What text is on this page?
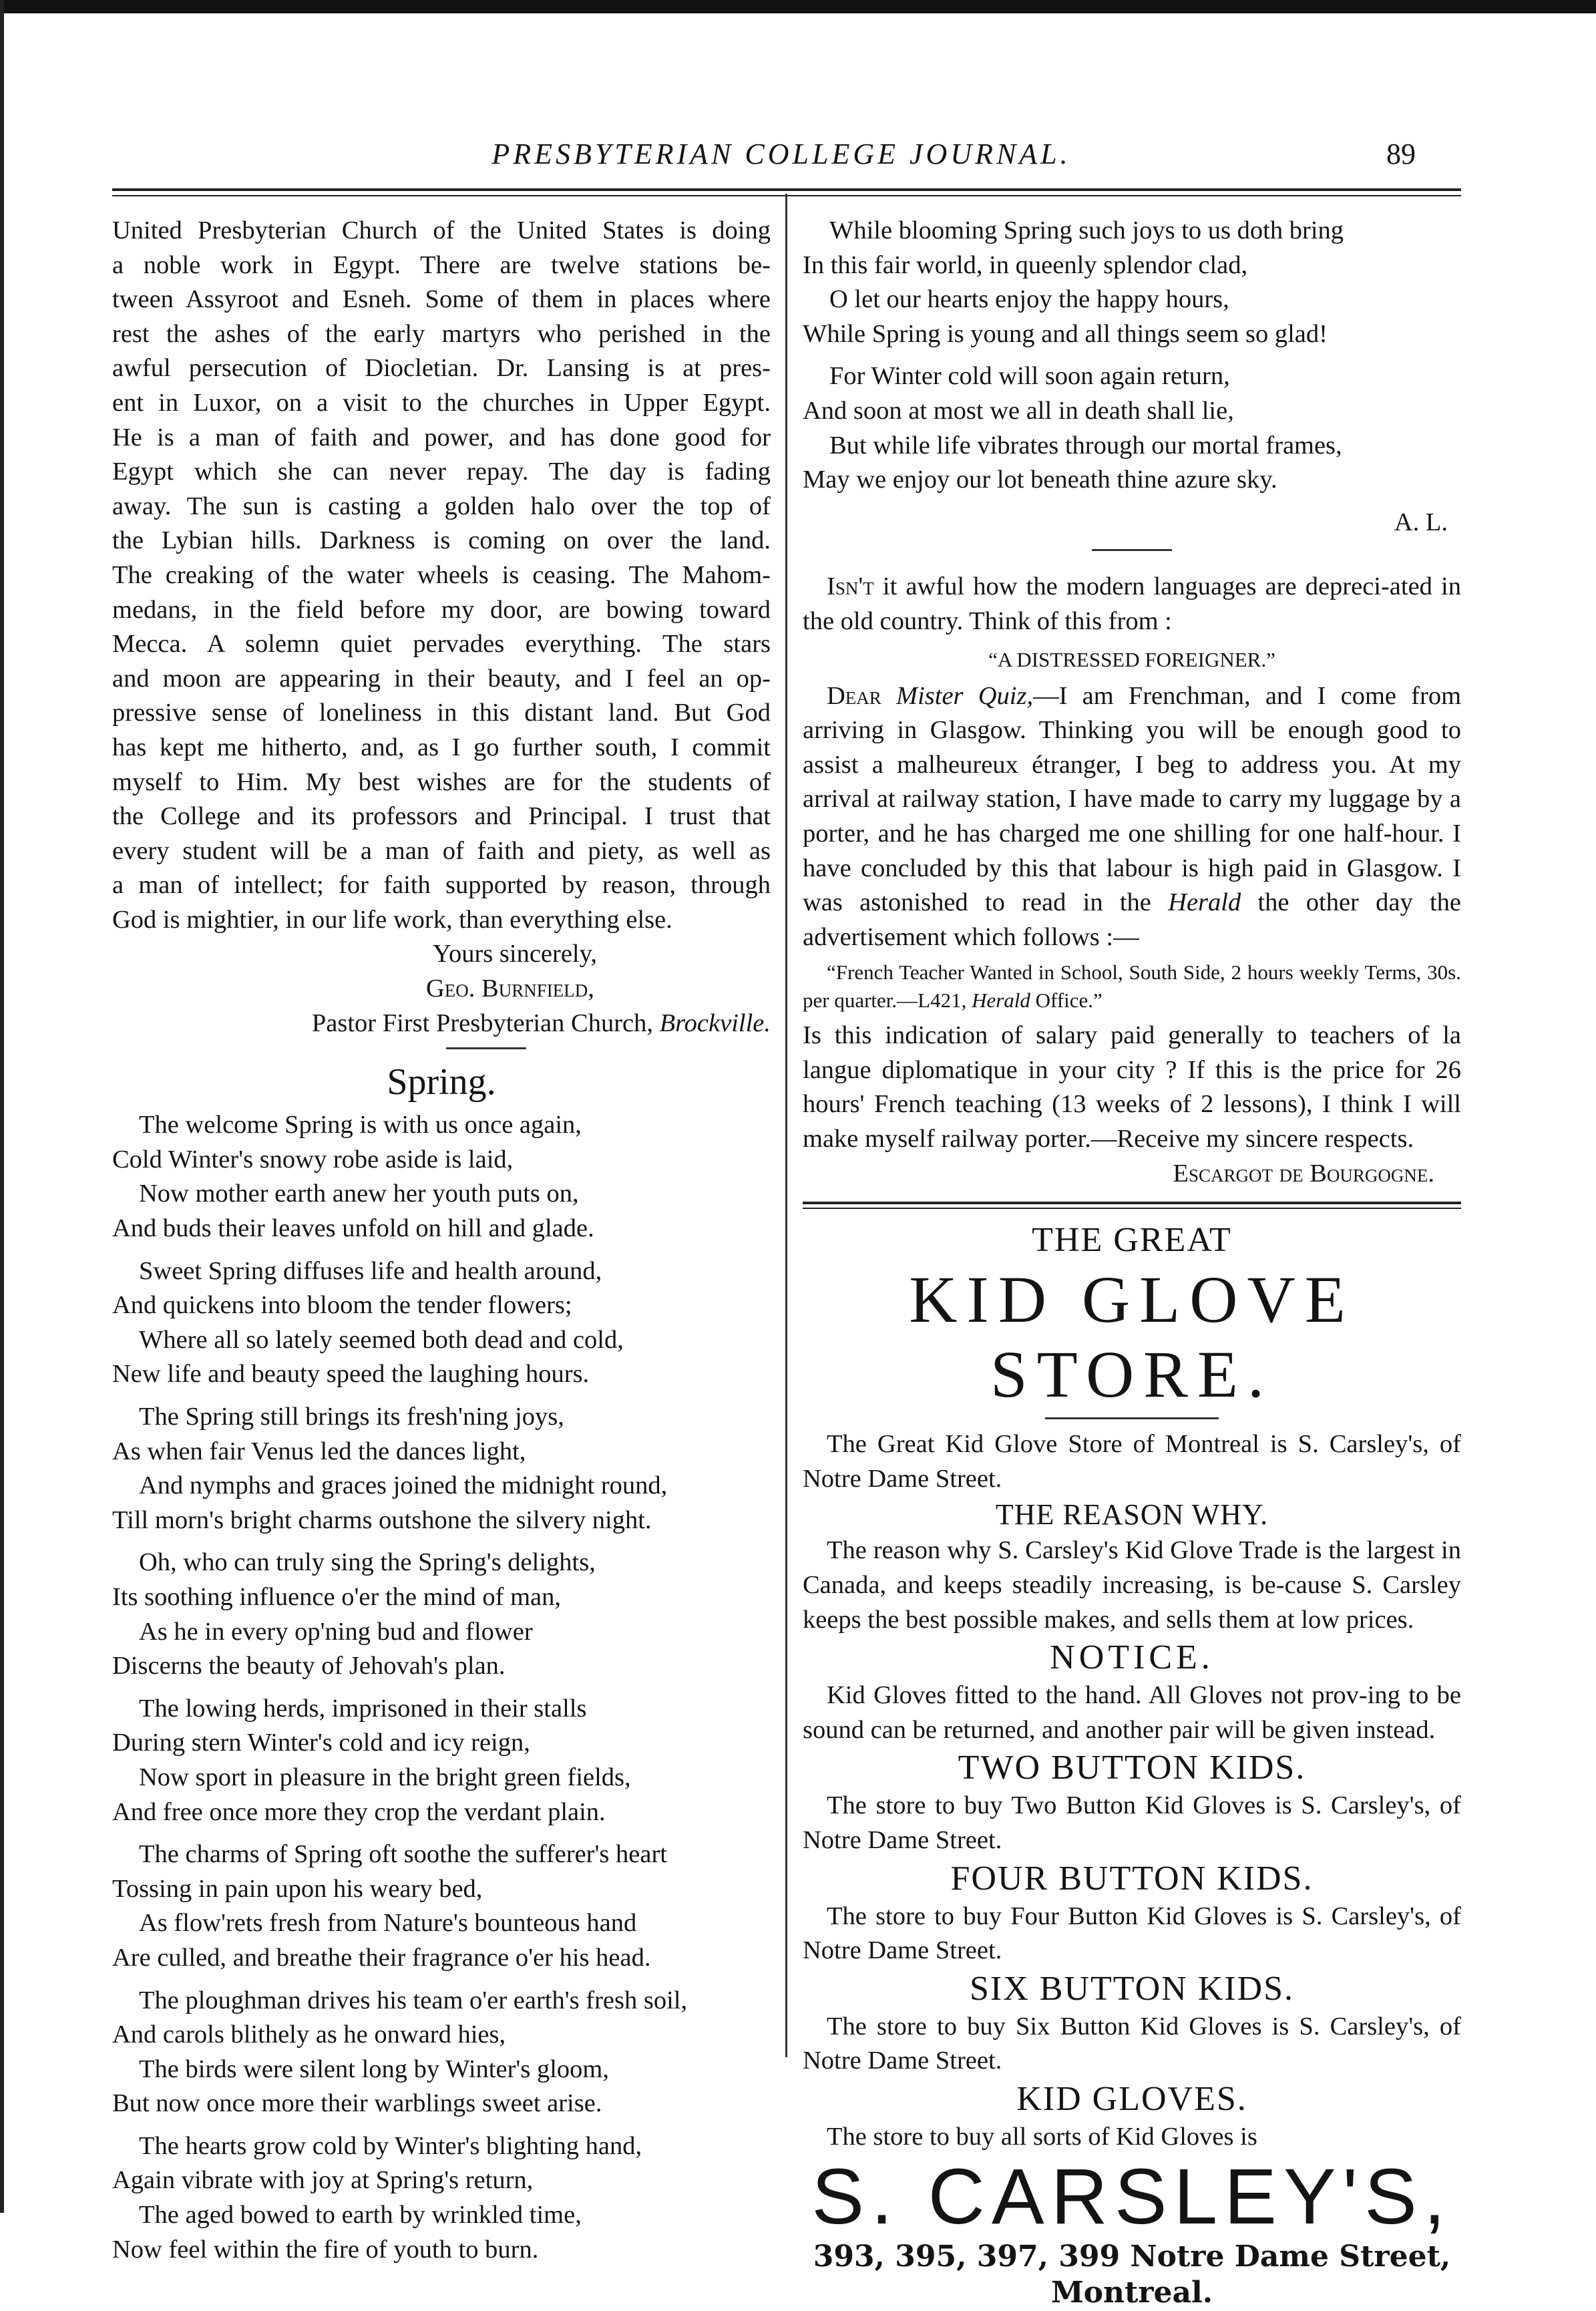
PRESBYTERIAN COLLEGE JOURNAL.	89
United Presbyterian Church of the United States is doing
a noble work in Egypt. There are twelve stations be-
tween Assyroot and Esneh. Some of them in places where
rest the ashes of the early martyrs who perished in the
awful persecution of Diocletian. Dr. Lansing is at pres-
ent in Luxor, on a visit to the churches in Upper Egypt.
He is a man of faith and power, and has done good for
Egypt which she can never repay. The day is fading
away. The sun is casting a golden halo over the top of
the Lybian hills. Darkness is coming on over the land.
The creaking of the water wheels is ceasing. The Mahom-
medans, in the field before my door, are bowing toward
Mecca. A solemn quiet pervades everything. The stars
and moon are appearing in their beauty, and I feel an op-
pressive sense of loneliness in this distant land. But God
has kept me hitherto, and, as I go further south, I commit
myself to Him. My best wishes are for the students of
the College and its professors and Principal. I trust that
every student will be a man of faith and piety, as well as
a man of intellect; for faith supported by reason, through
God is mightier, in our life work, than everything else.

Yours sincerely,

Geo. Burnfield,

Pastor First Presbyterian Church, Brockville.

Spring.
The welcome Spring is with us once again,
Cold Winter's snowy robe aside is laid,
Now mother earth anew her youth puts on,
And buds their leaves unfold on hill and glade.
Sweet Spring diffuses life and health around,
And quickens into bloom the tender flowers;
Where all so lately seemed both dead and cold,
New life and beauty speed the laughing hours.
The Spring still brings its fresh'ning joys,
As when fair Venus led the dances light,
And nymphs and graces joined the midnight round,
Till morn's bright charms outshone the silvery night.
Oh, who can truly sing the Spring's delights,
Its soothing influence o'er the mind of man,
As he in every op'ning bud and flower
Discerns the beauty of Jehovah's plan.
The lowing herds, imprisoned in their stalls
During stern Winter's cold and icy reign,
Now sport in pleasure in the bright green fields,
And free once more they crop the verdant plain.
The charms of Spring oft soothe the sufferer's heart
Tossing in pain upon his weary bed,
As flow'rets fresh from Nature's bounteous hand
Are culled, and breathe their fragrance o'er his head.
The ploughman drives his team o'er earth's fresh soil,
And carols blithely as he onward hies,
The birds were silent long by Winter's gloom,
But now once more their warblings sweet arise.
The hearts grow cold by Winter's blighting hand,
Again vibrate with joy at Spring's return,
The aged bowed to earth by wrinkled time,
Now feel within the fire of youth to burn.
While blooming Spring such joys to us doth bring
In this fair world, in queenly splendor clad,
O let our hearts enjoy the happy hours,
While Spring is young and all things seem so glad!
For Winter cold will soon again return,
And soon at most we all in death shall lie,
But while life vibrates through our mortal frames,
May we enjoy our lot beneath thine azure sky.

A. L.

Isn't it awful how the modern languages are depreci-ated in the old country. Think of this from :

“A DISTRESSED FOREIGNER.”

Dear Mister Quiz,—I am Frenchman, and I come from arriving in Glasgow. Thinking you will be enough good to assist a malheureux étranger, I beg to address you. At my arrival at railway station, I have made to carry my luggage by a porter, and he has charged me one shilling for one half-hour. I have concluded by this that labour is high paid in Glasgow. I was astonished to read in the Herald the other day the advertisement which follows :—

“French Teacher Wanted in School, South Side, 2 hours weekly Terms, 30s. per quarter.—L421, Herald Office.”

Is this indication of salary paid generally to teachers of la langue diplomatique in your city ? If this is the price for 26 hours' French teaching (13 weeks of 2 lessons), I think I will make myself railway porter.—Receive my sincere respects.

Escargot de Bourgogne.

THE GREAT
KID GLOVE STORE.

The Great Kid Glove Store of Montreal is S. Carsley's, of Notre Dame Street.

THE REASON WHY.

The reason why S. Carsley's Kid Glove Trade is the largest in Canada, and keeps steadily increasing, is be-cause S. Carsley keeps the best possible makes, and sells them at low prices.

NOTICE.

Kid Gloves fitted to the hand. All Gloves not prov-ing to be sound can be returned, and another pair will be given instead.

TWO BUTTON KIDS.

The store to buy Two Button Kid Gloves is S. Carsley's, of Notre Dame Street.

FOUR BUTTON KIDS.

The store to buy Four Button Kid Gloves is S. Carsley's, of Notre Dame Street.

SIX BUTTON KIDS.

The store to buy Six Button Kid Gloves is S. Carsley's, of Notre Dame Street.

KID GLOVES.

The store to buy all sorts of Kid Gloves is

S. CARSLEY'S,
393, 395, 397, 399 Notre Dame Street, Montreal.
